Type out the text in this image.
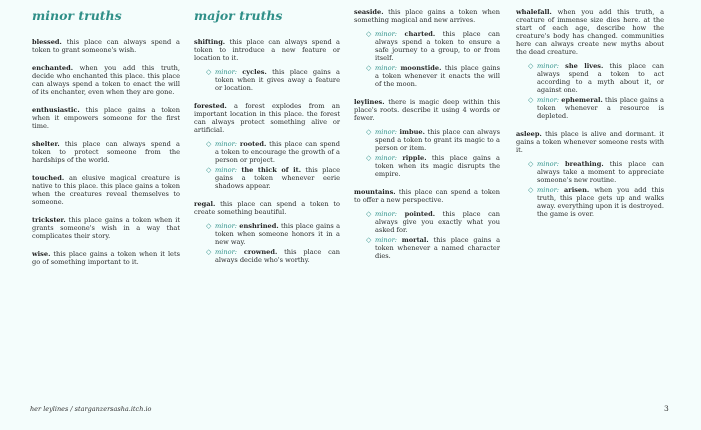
minor truths

blessed. this place can always spend a token to grant someone's wish.

enchanted. when you add this truth, decide who enchanted this place. this place can always spend a token to enact the will of its enchanter, even when they are gone.

enthusiastic. this place gains a token when it empowers someone for the first time.

shelter. this place can always spend a token to protect someone from the hardships of the world.

touched. an elusive magical creature is native to this place. this place gains a token when the creatures reveal themselves to someone.

trickster. this place gains a token when it grants someone's wish in a way that complicates their story.

wise. this place gains a token when it lets go of something important to it.

major truths

shifting. this place can always spend a token to introduce a new feature or location to it.

◇ minor: cycles. this place gains a token when it gives away a feature or location.

forested. a forest explodes from an important location in this place. the forest can always protect something alive or artificial.

◇ minor: rooted. this place can spend a token to encourage the growth of a person or project.
◇ minor: the thick of it. this place gains a token whenever eerie shadows appear.

regal. this place can spend a token to create something beautiful.

◇ minor: enshrined. this place gains a token when someone honors it in a new way.
◇ minor: crowned. this place can always decide who's worthy.

seaside. this place gains a token when something magical and new arrives.

◇ minor: charted. this place can always spend a token to ensure a safe journey to a group, to or from itself.
◇ minor: moonstide. this place gains a token whenever it enacts the will of the moon.

leylines. there is magic deep within this place's roots. describe it using 4 words or fewer.

◇ minor: imbue. this place can always spend a token to grant its magic to a person or item.
◇ minor: ripple. this place gains a token when its magic disrupts the empire.

mountains. this place can spend a token to offer a new perspective.

◇ minor: pointed. this place can always give you exactly what you asked for.
◇ minor: mortal. this place gains a token whenever a named character dies.

whalefall. when you add this truth, a creature of immense size dies here. at the start of each age, describe how the creature's body has changed. communities here can always create new myths about the dead creature.

◇ minor: she lives. this place can always spend a token to act according to a myth about it, or against one.
◇ minor: ephemeral. this place gains a token whenever a resource is depleted.

asleep. this place is alive and dormant. it gains a token whenever someone rests with it.

◇ minor: breathing. this place can always take a moment to appreciate someone's new routine.
◇ minor: arisen. when you add this truth, this place gets up and walks away. everything upon it is destroyed. the game is over.
her leylines / starganzersasha.itch.io	3
